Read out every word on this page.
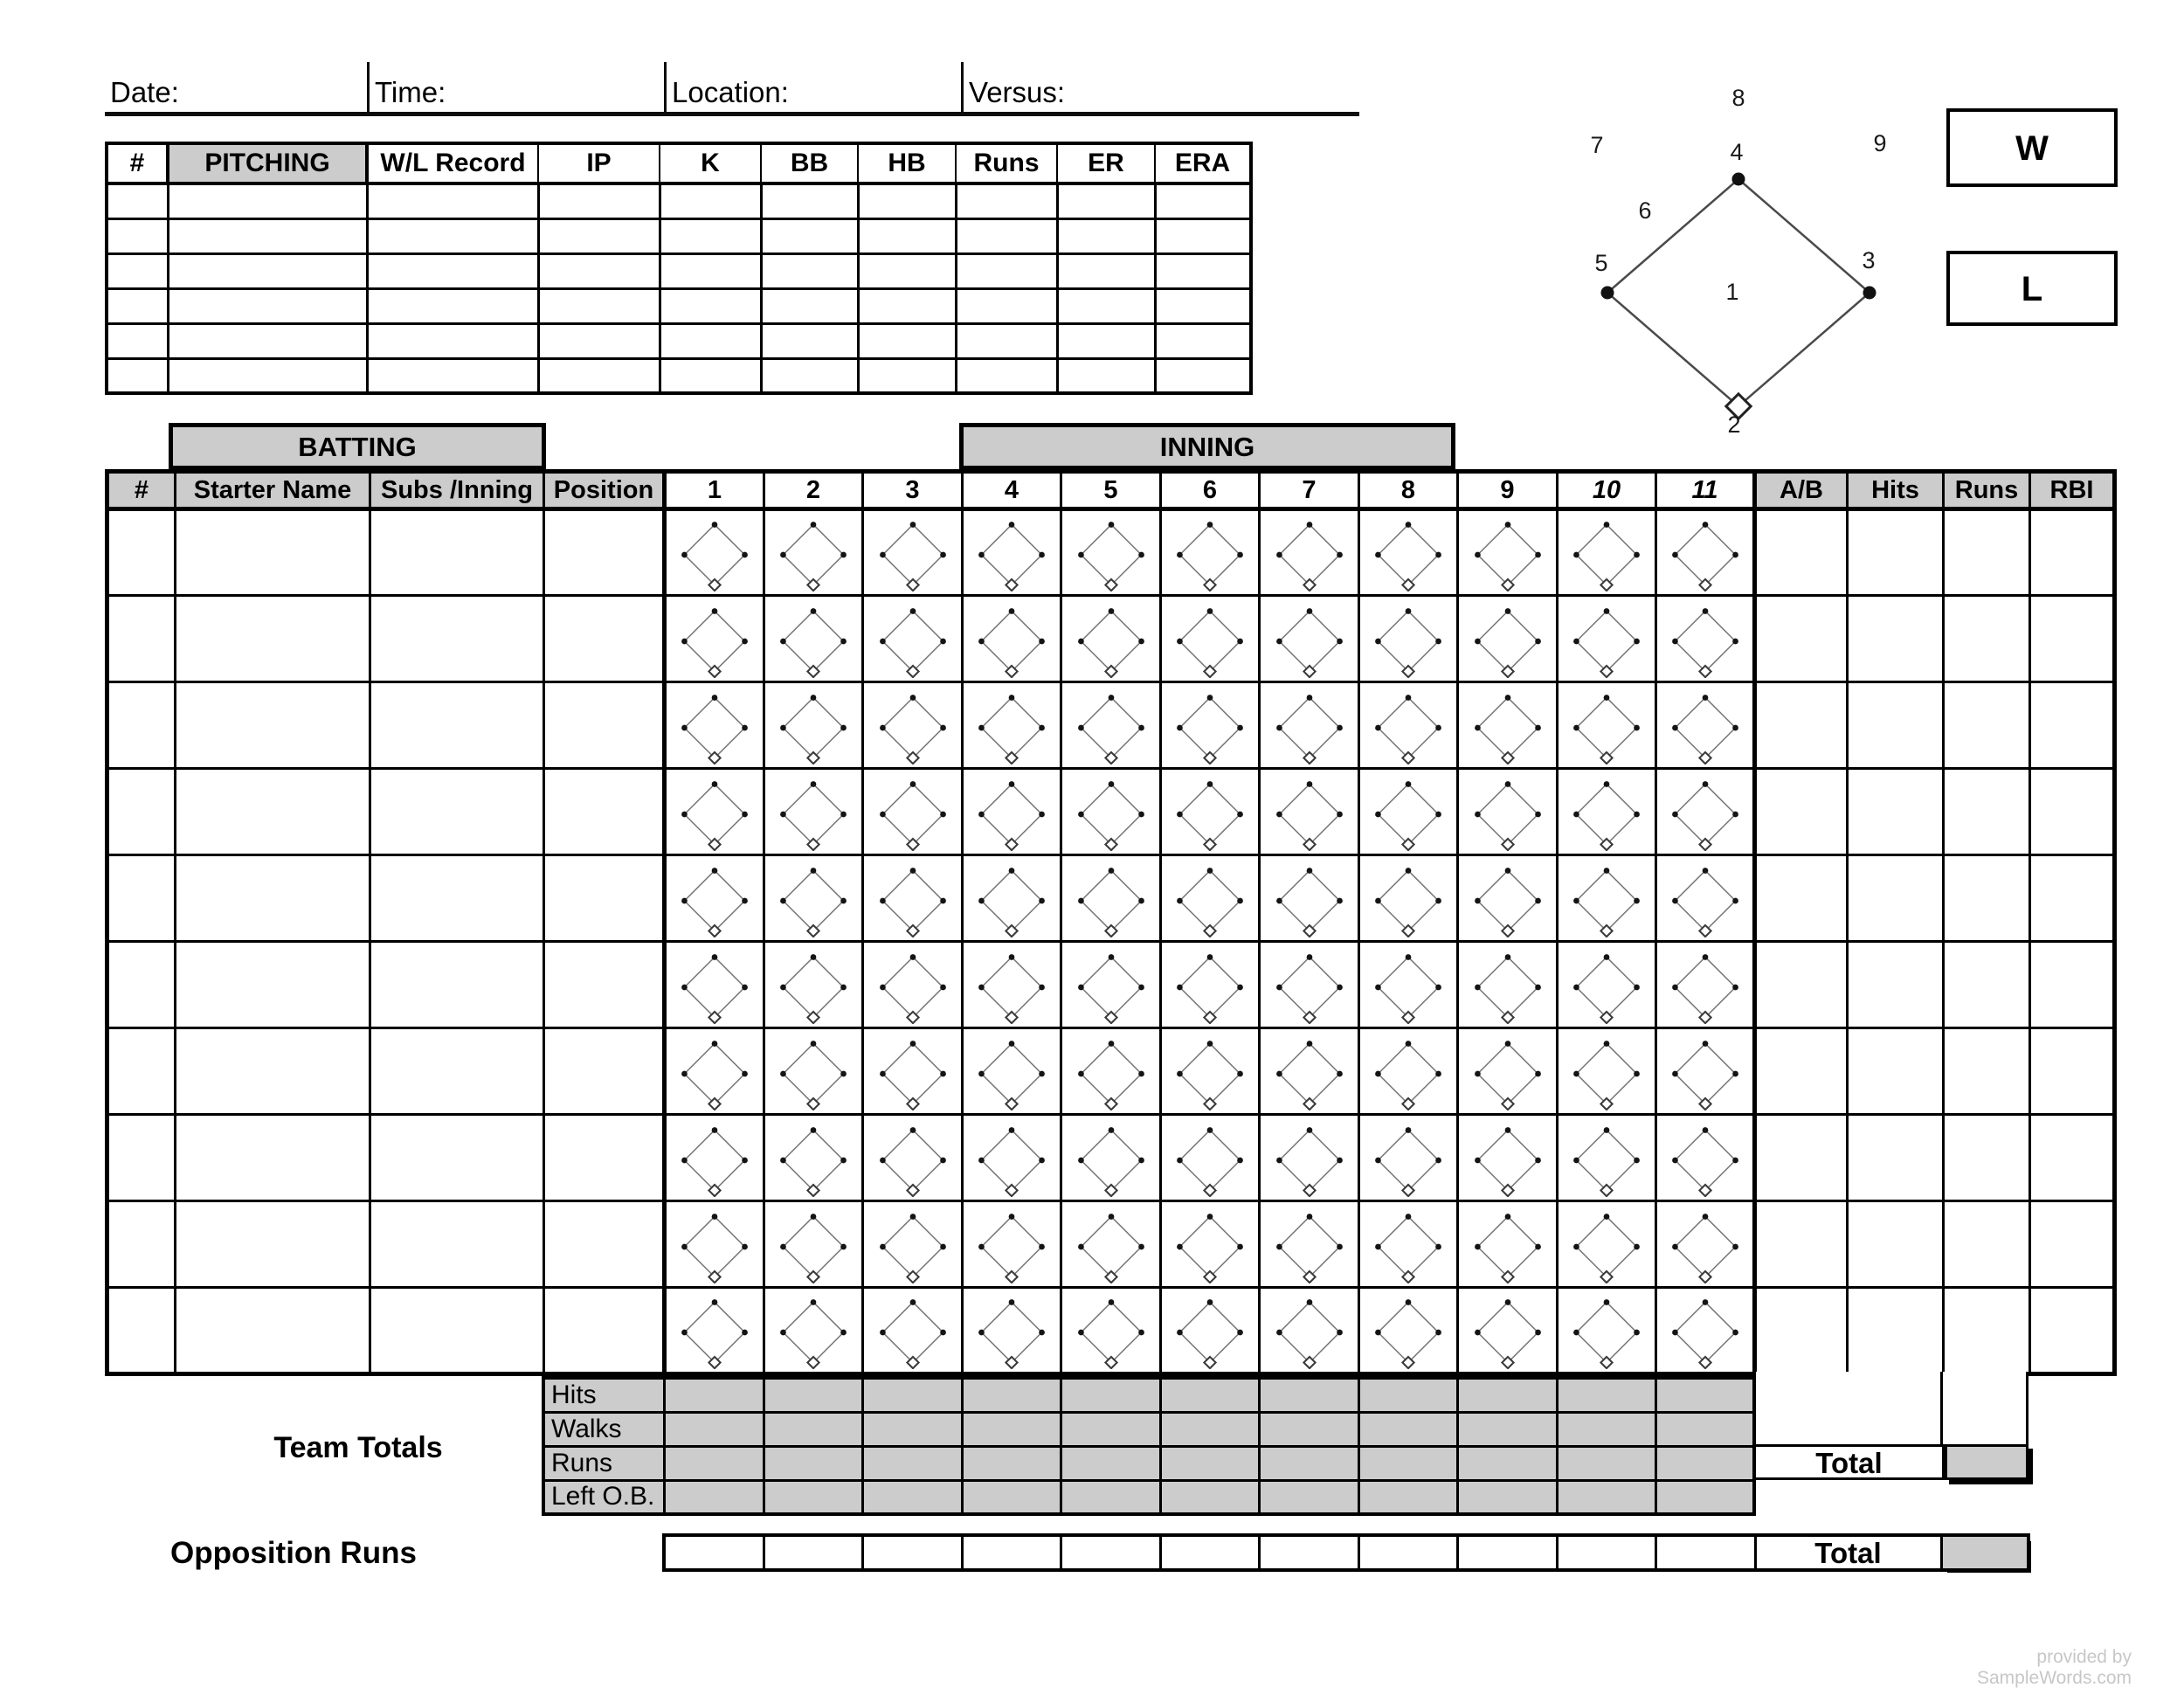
Date:	Time:	Location:	Versus:
#	PITCHING	W/L Record	IP	K	BB	HB	Runs	ER	ERA

1
2
3
4
5
6
7
8
9	W
L
BATTING	INNING
#	Starter Name	Subs /Inning	Position	1	2	3	4	5	6	7	8	9	10	11	A/B	Hits	Runs	RBI

Team Totals
Hits											
Walks											
Runs											
Left O.B.											
Total
Opposition Runs	Total
provided by SampleWords.com
